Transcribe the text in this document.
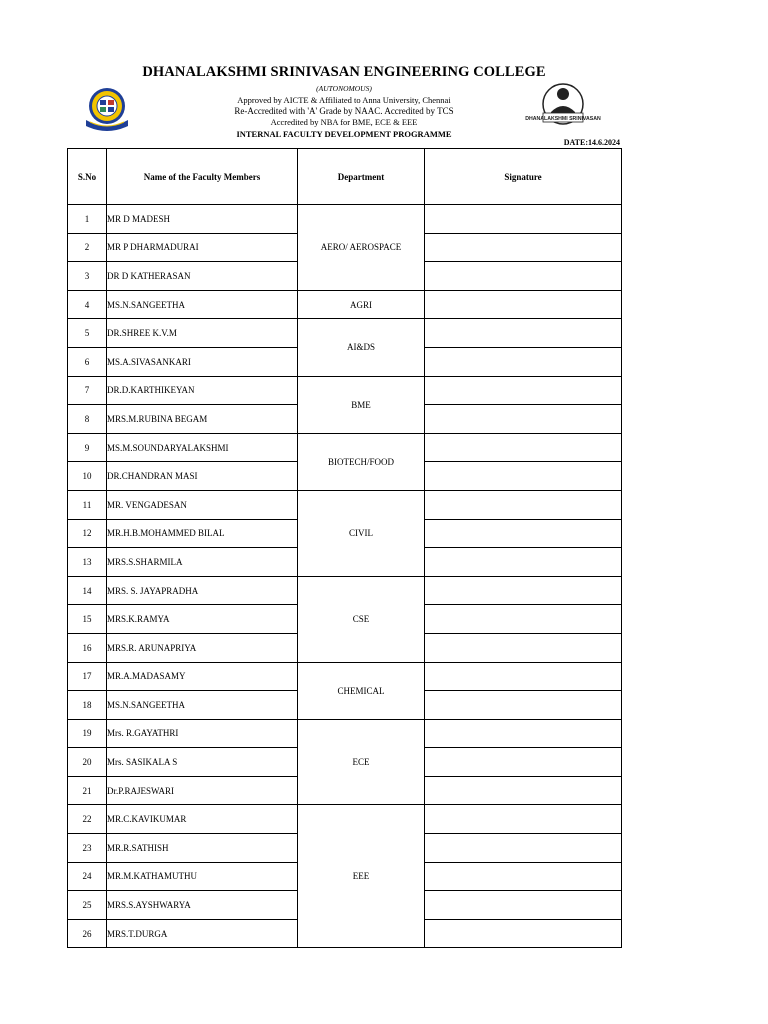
DHANALAKSHMI SRINIVASAN ENGINEERING COLLEGE
(AUTONOMOUS)
Approved by AICTE & Affiliated to Anna University, Chennai
Re-Accredited with 'A' Grade by NAAC. Accredited by TCS
Accredited by NBA for BME, ECE & EEE
INTERNAL FACULTY DEVELOPMENT PROGRAMME
DHANALAKSHMI SRINIVASAN
DATE:14.6.2024
S.No	Name of the Faculty Members	Department	Signature
1	MR D MADESH	AERO/ AEROSPACE	
2	MR P DHARMADURAI		
3	DR D KATHERASAN		
4	MS.N.SANGEETHA	AGRI	
5	DR.SHREE K.V.M	AI&DS	
6	MS.A.SIVASANKARI		
7	DR.D.KARTHIKEYAN	BME	
8	MRS.M.RUBINA BEGAM		
9	MS.M.SOUNDARYALAKSHMI	BIOTECH/FOOD	
10	DR.CHANDRAN MASI		
11	MR. VENGADESAN	CIVIL	
12	MR.H.B.MOHAMMED BILAL		
13	MRS.S.SHARMILA		
14	MRS. S. JAYAPRADHA	CSE	
15	MRS.K.RAMYA		
16	MRS.R. ARUNAPRIYA		
17	MR.A.MADASAMY	CHEMICAL	
18	MS.N.SANGEETHA		
19	Mrs. R.GAYATHRI	ECE	
20	Mrs. SASIKALA S		
21	Dr.P.RAJESWARI		
22	MR.C.KAVIKUMAR	EEE	
23	MR.R.SATHISH		
24	MR.M.KATHAMUTHU		
25	MRS.S.AYSHWARYA		
26	MRS.T.DURGA		
